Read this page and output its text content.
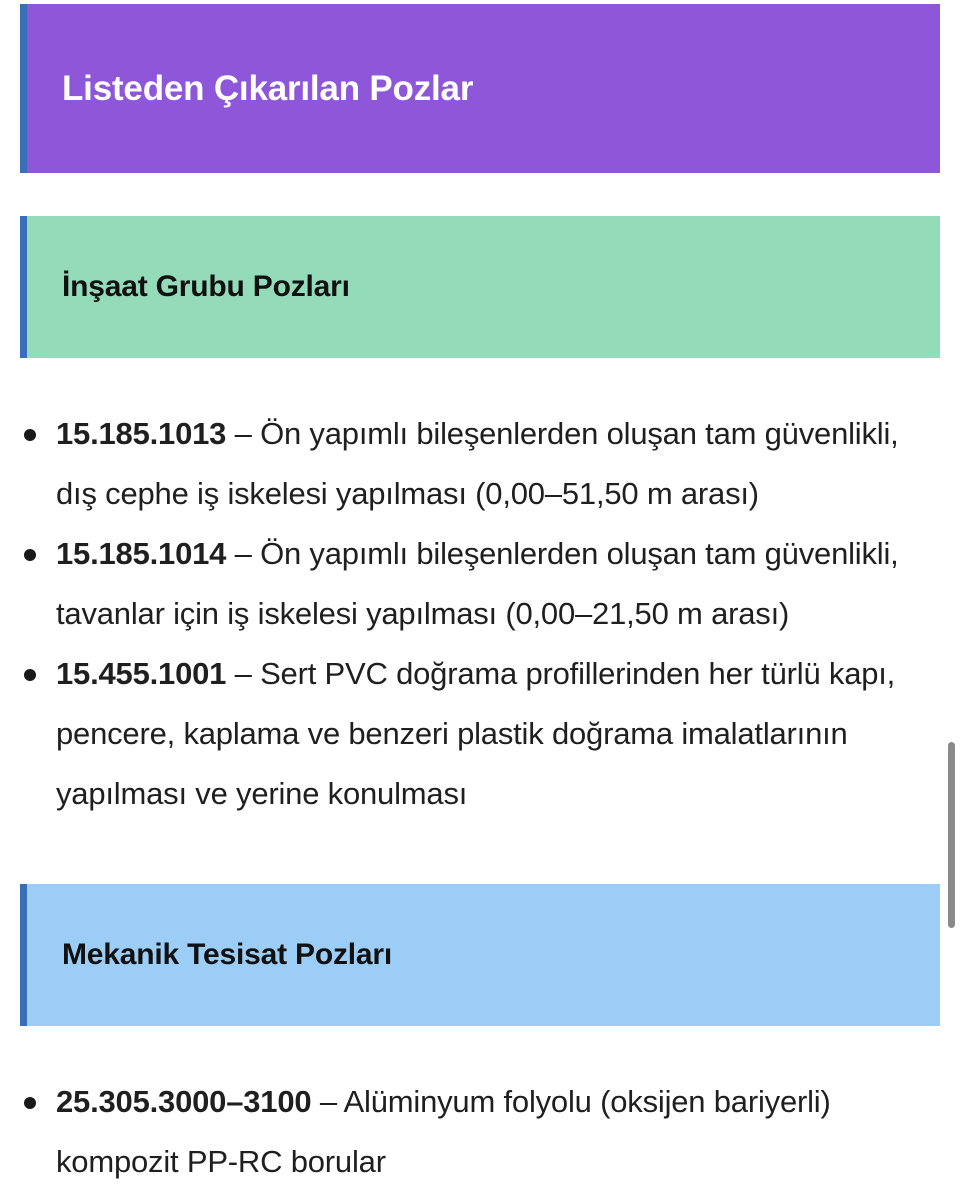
Listeden Çıkarılan Pozlar
İnşaat Grubu Pozları
15.185.1013 – Ön yapımlı bileşenlerden oluşan tam güvenlikli, dış cephe iş iskelesi yapılması (0,00–51,50 m arası)
15.185.1014 – Ön yapımlı bileşenlerden oluşan tam güvenlikli, tavanlar için iş iskelesi yapılması (0,00–21,50 m arası)
15.455.1001 – Sert PVC doğrama profillerinden her türlü kapı, pencere, kaplama ve benzeri plastik doğrama imalatlarının yapılması ve yerine konulması
Mekanik Tesisat Pozları
25.305.3000–3100 – Alüminyum folyolu (oksijen bariyerli) kompozit PP-RC borular
